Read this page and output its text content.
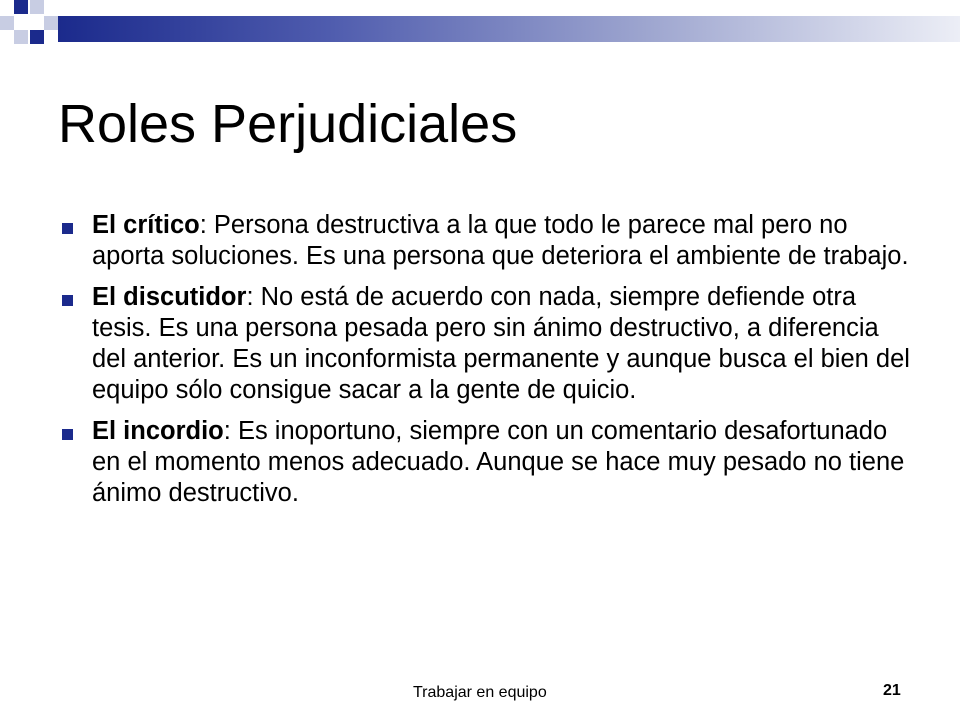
Roles Perjudiciales
El crítico: Persona destructiva a la que todo le parece mal pero no aporta soluciones. Es una persona que deteriora el ambiente de trabajo.
El discutidor: No está de acuerdo con nada, siempre defiende otra tesis. Es una persona pesada pero sin ánimo destructivo, a diferencia del anterior. Es un inconformista permanente y aunque busca el bien del equipo sólo consigue sacar a la gente de quicio.
El incordio: Es inoportuno, siempre con un comentario desafortunado en el momento menos adecuado. Aunque se hace muy pesado no tiene ánimo destructivo.
Trabajar en equipo	21
